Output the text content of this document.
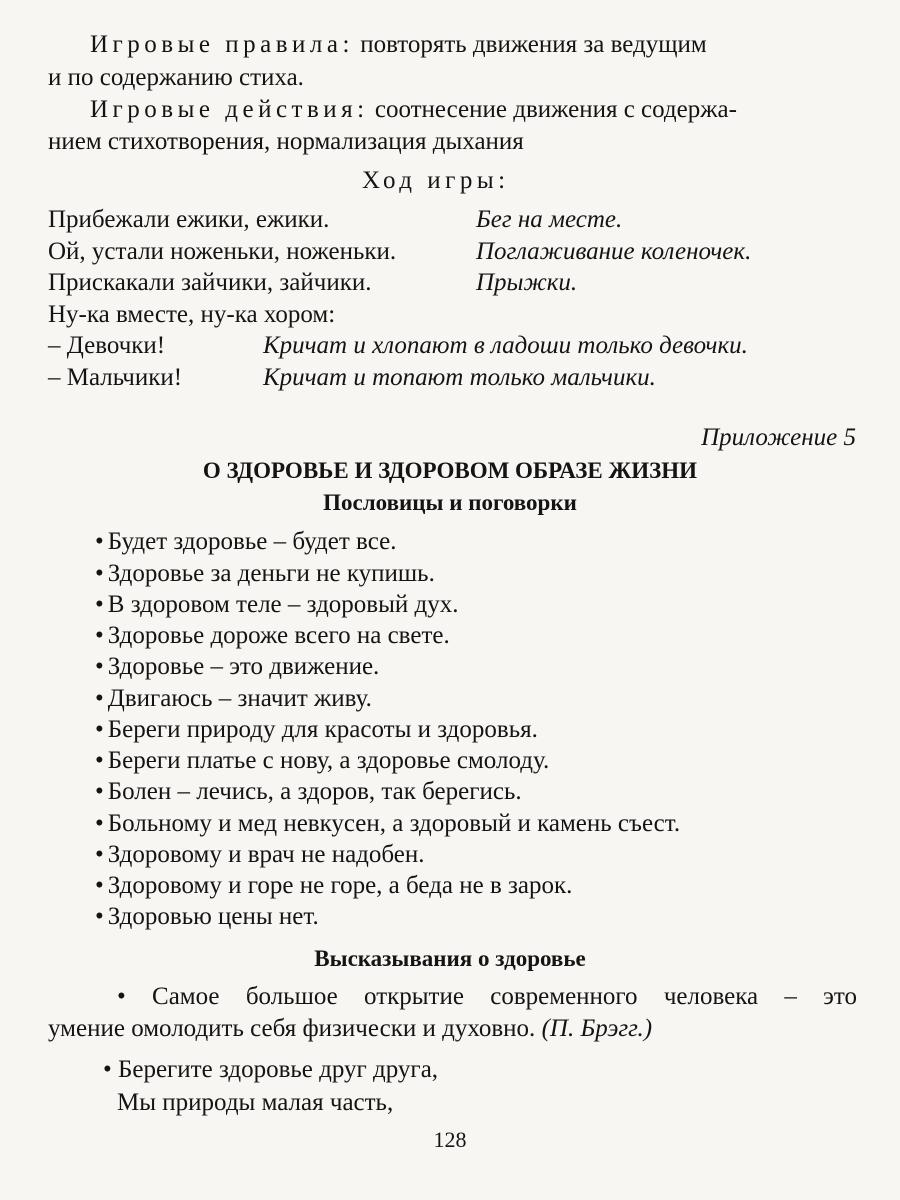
Игровые правила: повторять движения за ведущим
и по содержанию стиха.
Игровые действия: соотнесение движения с содержа-
нием стихотворения, нормализация дыхания
Ход игры:
Прибежали ежики, ежики.	Бег на месте.
Ой, устали ноженьки, ноженьки.	Поглаживание коленочек.
Прискакали зайчики, зайчики.	Прыжки.
Ну-ка вместе, ну-ка хором:
– Девочки!	Кричат и хлопают в ладоши только девочки.
– Мальчики!	Кричат и топают только мальчики.
Приложение 5
О ЗДОРОВЬЕ И ЗДОРОВОМ ОБРАЗЕ ЖИЗНИ
Пословицы и поговорки
• Будет здоровье – будет все.
• Здоровье за деньги не купишь.
• В здоровом теле – здоровый дух.
• Здоровье дороже всего на свете.
• Здоровье – это движение.
• Двигаюсь – значит живу.
• Береги природу для красоты и здоровья.
• Береги платье с нову, а здоровье смолоду.
• Болен – лечись, а здоров, так берегись.
• Больному и мед невкусен, а здоровый и камень съест.
• Здоровому и врач не надобен.
• Здоровому и горе не горе, а беда не в зарок.
• Здоровью цены нет.
Высказывания о здоровье
• Самое большое открытие современного человека – это
умение омолодить себя физически и духовно. (П. Брэгг.)
• Берегите здоровье друг друга,
Мы природы малая часть,
128
